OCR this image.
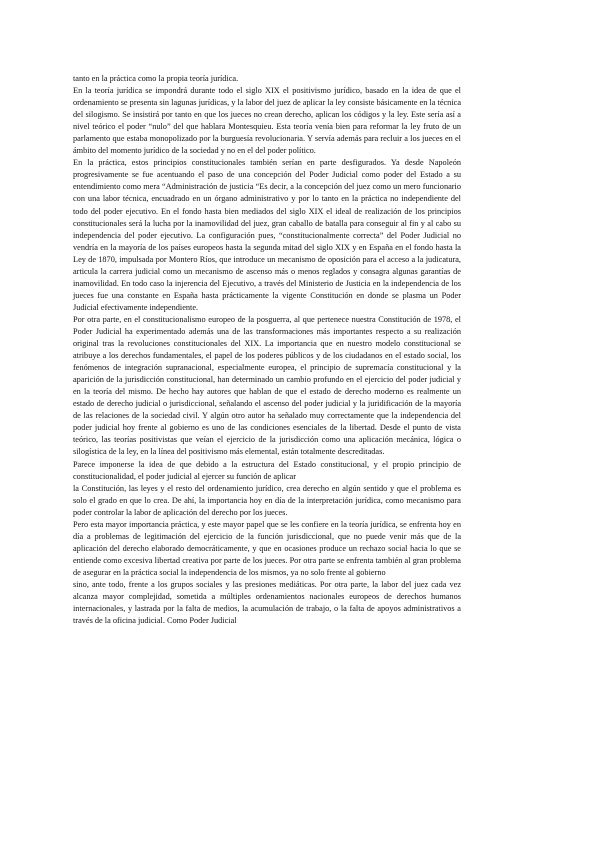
tanto en la práctica como la propia teoría jurídica.

En la teoría jurídica se impondrá durante todo el siglo XIX el positivismo jurídico, basado en la idea de que el ordenamiento se presenta sin lagunas jurídicas, y la labor del juez de aplicar la ley consiste básicamente en la técnica del silogismo. Se insistirá por tanto en que los jueces no crean derecho, aplican los códigos y la ley. Este sería así a nivel teórico el poder “nulo” del que hablara Montesquieu. Esta teoría venía bien para reformar la ley fruto de un parlamento que estaba monopolizado por la burguesía revolucionaria. Y servía además para recluir a los jueces en el ámbito del momento jurídico de la sociedad y no en el del poder político.

En la práctica, estos principios constitucionales también serían en parte desfigurados. Ya desde Napoleón progresivamente se fue acentuando el paso de una concepción del Poder Judicial como poder del Estado a su entendimiento como mera “Administración de justicia “Es decir, a la concepción del juez como un mero funcionario con una labor técnica, encuadrado en un órgano administrativo y por lo tanto en la práctica no independiente del todo del poder ejecutivo. En el fondo hasta bien mediados del siglo XIX el ideal de realización de los principios constitucionales será la lucha por la inamovilidad del juez, gran caballo de batalla para conseguir al fin y al cabo su independencia del poder ejecutivo. La configuración pues, “constitucionalmente correcta” del Poder Judicial no vendría en la mayoría de los países europeos hasta la segunda mitad del siglo XIX y en España en el fondo hasta la Ley de 1870, impulsada por Montero Ríos, que introduce un mecanismo de oposición para el acceso a la judicatura, articula la carrera judicial como un mecanismo de ascenso más o menos reglados y consagra algunas garantías de inamovilidad. En todo caso la injerencia del Ejecutivo, a través del Ministerio de Justicia en la independencia de los jueces fue una constante en España hasta prácticamente la vigente Constitución en donde se plasma un Poder Judicial efectivamente independiente.

Por otra parte, en el constitucionalismo europeo de la posguerra, al que pertenece nuestra Constitución de 1978, el Poder Judicial ha experimentado además una de las transformaciones más importantes respecto a su realización original tras la revoluciones constitucionales del XIX. La importancia que en nuestro modelo constitucional se atribuye a los derechos fundamentales, el papel de los poderes públicos y de los ciudadanos en el estado social, los fenómenos de integración supranacional, especialmente europea, el principio de supremacía constitucional y la aparición de la jurisdicción constitucional, han determinado un cambio profundo en el ejercicio del poder judicial y en la teoría del mismo. De hecho hay autores que hablan de que el estado de derecho moderno es realmente un estado de derecho judicial o jurisdiccional, señalando el ascenso del poder judicial y la juridificación de la mayoría de las relaciones de la sociedad civil. Y algún otro autor ha señalado muy correctamente que la independencia del poder judicial hoy frente al gobierno es uno de las condiciones esenciales de la libertad. Desde el punto de vista teórico, las teorías positivistas que veían el ejercicio de la jurisdicción como una aplicación mecánica, lógica o silogística de la ley, en la línea del positivismo más elemental, están totalmente descreditadas.

Parece imponerse la idea de que debido a la estructura del Estado constitucional, y el propio principio de constitucionalidad, el poder judicial al ejercer su función de aplicar

la Constitución, las leyes y el resto del ordenamiento jurídico, crea derecho en algún sentido y que el problema es solo el grado en que lo crea. De ahí, la importancia hoy en día de la interpretación jurídica, como mecanismo para poder controlar la labor de aplicación del derecho por los jueces.

Pero esta mayor importancia práctica, y este mayor papel que se les confiere en la teoría jurídica, se enfrenta hoy en día a problemas de legitimación del ejercicio de la función jurisdiccional, que no puede venir más que de la aplicación del derecho elaborado democráticamente, y que en ocasiones produce un rechazo social hacia lo que se entiende como excesiva libertad creativa por parte de los jueces. Por otra parte se enfrenta también al gran problema de asegurar en la práctica social la independencia de los mismos, ya no solo frente al gobierno

sino, ante todo, frente a los grupos sociales y las presiones mediáticas. Por otra parte, la labor del juez cada vez alcanza mayor complejidad, sometida a múltiples ordenamientos nacionales europeos de derechos humanos internacionales, y lastrada por la falta de medios, la acumulación de trabajo, o la falta de apoyos administrativos a través de la oficina judicial. Como Poder Judicial
